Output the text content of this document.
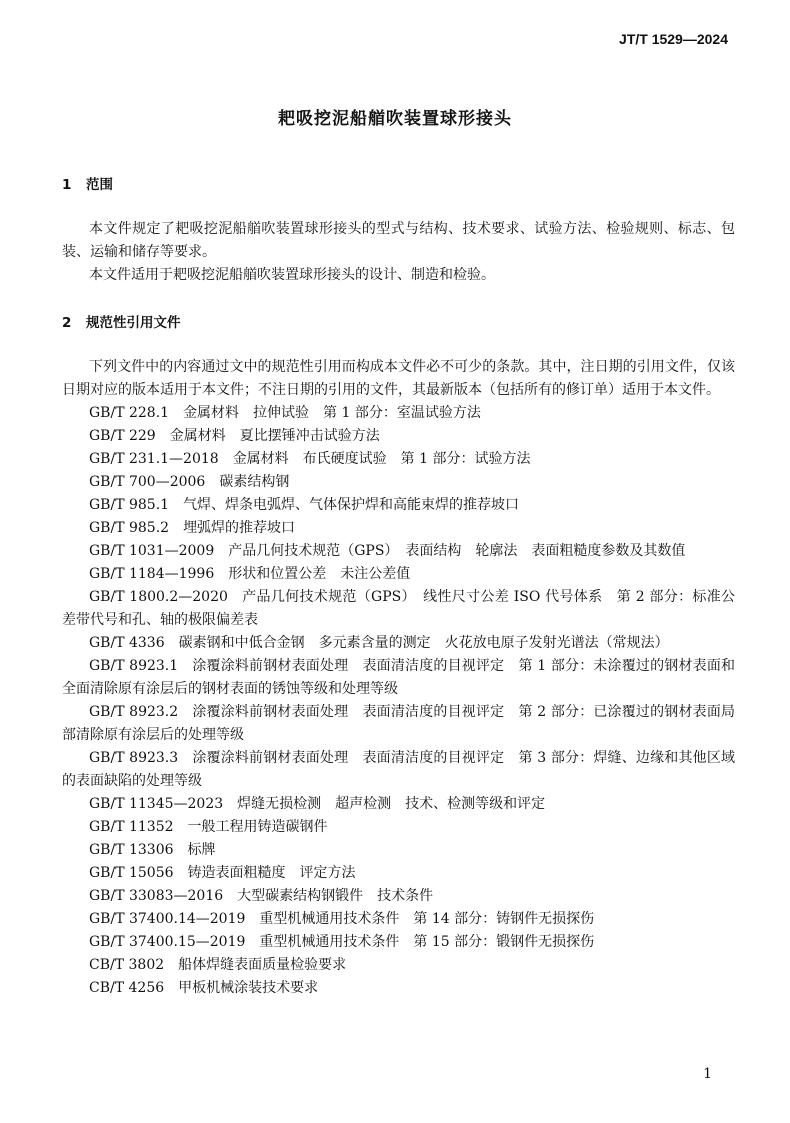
JT/T 1529—2024
耙吸挖泥船艏吹装置球形接头
1 范围

本文件规定了耙吸挖泥船艏吹装置球形接头的型式与结构、技术要求、试验方法、检验规则、标志、包装、运输和储存等要求。

本文件适用于耙吸挖泥船艏吹装置球形接头的设计、制造和检验。

2 规范性引用文件

下列文件中的内容通过文中的规范性引用而构成本文件必不可少的条款。其中，注日期的引用文件，仅该日期对应的版本适用于本文件；不注日期的引用的文件，其最新版本（包括所有的修订单）适用于本文件。

GB/T 228.1 金属材料　拉伸试验　第 1 部分：室温试验方法

GB/T 229 金属材料　夏比摆锤冲击试验方法

GB/T 231.1—2018 金属材料　布氏硬度试验　第 1 部分：试验方法

GB/T 700—2006 碳素结构钢

GB/T 985.1 气焊、焊条电弧焊、气体保护焊和高能束焊的推荐坡口

GB/T 985.2 埋弧焊的推荐坡口

GB/T 1031—2009 产品几何技术规范（GPS）　表面结构　轮廓法　表面粗糙度参数及其数值

GB/T 1184—1996 形状和位置公差　未注公差值

GB/T 1800.2—2020 产品几何技术规范（GPS）　线性尺寸公差 ISO 代号体系　第 2 部分：标准公差带代号和孔、轴的极限偏差表

GB/T 4336 碳素钢和中低合金钢　多元素含量的测定　火花放电原子发射光谱法（常规法）

GB/T 8923.1 涂覆涂料前钢材表面处理　表面清洁度的目视评定　第 1 部分：未涂覆过的钢材表面和全面清除原有涂层后的钢材表面的锈蚀等级和处理等级

GB/T 8923.2 涂覆涂料前钢材表面处理　表面清洁度的目视评定　第 2 部分：已涂覆过的钢材表面局部清除原有涂层后的处理等级

GB/T 8923.3 涂覆涂料前钢材表面处理　表面清洁度的目视评定　第 3 部分：焊缝、边缘和其他区域的表面缺陷的处理等级

GB/T 11345—2023 焊缝无损检测　超声检测　技术、检测等级和评定

GB/T 11352 一般工程用铸造碳钢件

GB/T 13306 标牌

GB/T 15056 铸造表面粗糙度　评定方法

GB/T 33083—2016 大型碳素结构钢锻件　技术条件

GB/T 37400.14—2019 重型机械通用技术条件　第 14 部分：铸钢件无损探伤

GB/T 37400.15—2019 重型机械通用技术条件　第 15 部分：锻钢件无损探伤

CB/T 3802 船体焊缝表面质量检验要求

CB/T 4256 甲板机械涂装技术要求

1
